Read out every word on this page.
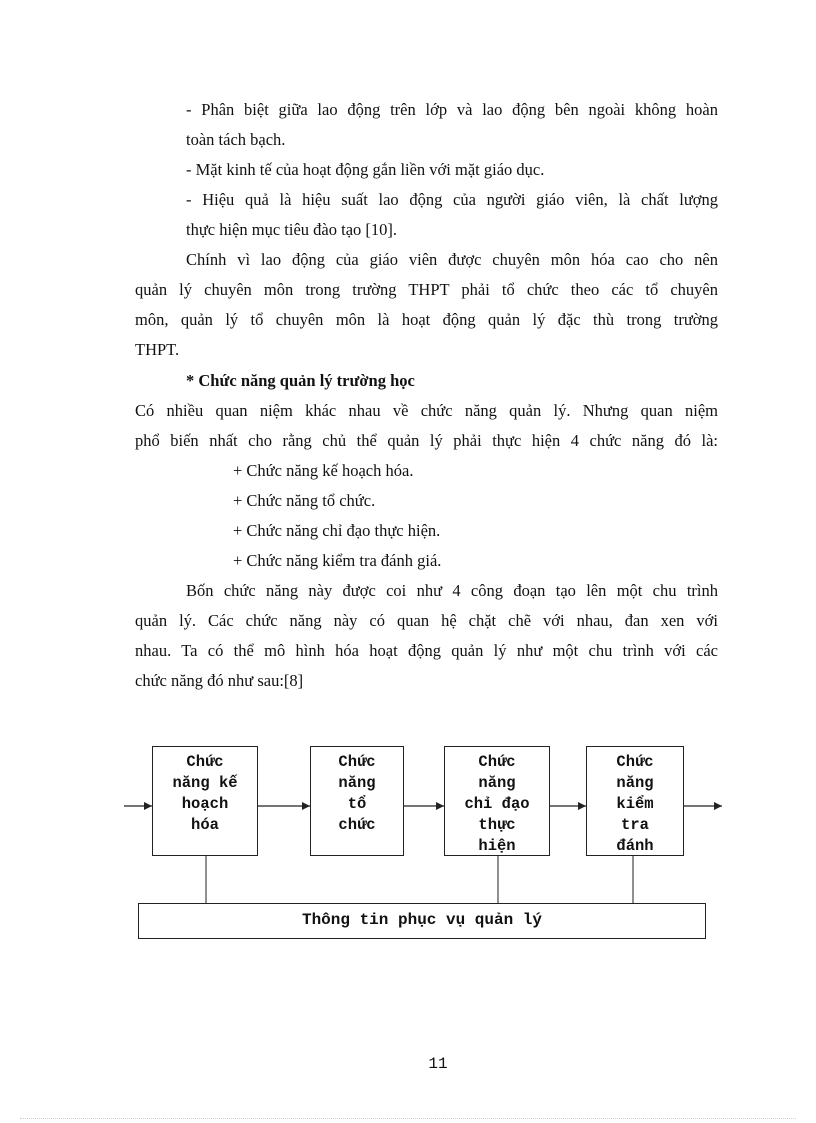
- Phân biệt giữa lao động trên lớp và lao động bên ngoài không hoàn
toàn tách bạch.
- Mặt kinh tế của hoạt động gắn liền với mặt giáo dục.
- Hiệu quả là hiệu suất lao động của người giáo viên, là chất lượng
thực hiện mục tiêu đào tạo [10].
Chính vì lao động của giáo viên được chuyên môn hóa cao cho nên
quản lý chuyên môn trong trường THPT phải tổ chức theo các tổ chuyên
môn, quản lý tổ chuyên môn là hoạt động quản lý đặc thù trong trường
THPT.
* Chức năng quản lý trường học
Có nhiều quan niệm khác nhau về chức năng quản lý. Nhưng quan niệm
phổ biến nhất cho rằng chủ thể quản lý phải thực hiện 4 chức năng đó là:
+ Chức năng kế hoạch hóa.
+ Chức năng tổ chức.
+ Chức năng chỉ đạo thực hiện.
+ Chức năng kiểm tra đánh giá.
Bốn chức năng này được coi như 4 công đoạn tạo lên một chu trình
quản lý. Các chức năng này có quan hệ chặt chẽ với nhau, đan xen với
nhau. Ta có thể mô hình hóa hoạt động quản lý như một chu trình với các
chức năng đó như sau:[8]
Chức
năng kế
hoạch
hóa
Chức
năng
tổ
chức
Chức
năng
chỉ đạo
thực
hiện
Chức
năng
kiểm
tra
đánh
Thông tin phục vụ quản lý
11
